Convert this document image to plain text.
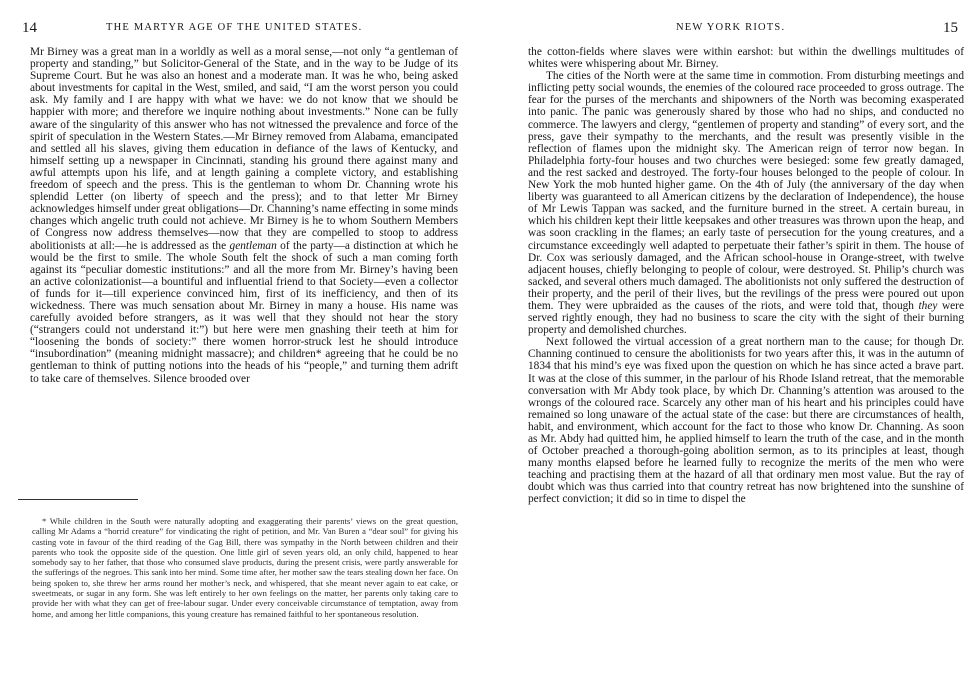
14	THE MARTYR AGE OF THE UNITED STATES.

Mr Birney was a great man in a worldly as well as a moral sense,—not only “a gentleman of property and standing,” but Solicitor-General of the State, and in the way to be Judge of its Supreme Court. But he was also an honest and a moderate man. It was he who, being asked about investments for capital in the West, smiled, and said, “I am the worst person you could ask. My family and I are happy with what we have: we do not know that we should be happier with more; and therefore we inquire nothing about investments.” None can be fully aware of the singularity of this answer who has not witnessed the prevalence and force of the spirit of speculation in the Western States.—Mr Birney removed from Alabama, emancipated and settled all his slaves, giving them education in defiance of the laws of Kentucky, and himself setting up a newspaper in Cincinnati, standing his ground there against many and awful attempts upon his life, and at length gaining a complete victory, and establishing freedom of speech and the press. This is the gentleman to whom Dr. Channing wrote his splendid Letter (on liberty of speech and the press); and to that letter Mr Birney acknowledges himself under great obligations—Dr. Channing’s name effecting in some minds changes which angelic truth could not achieve. Mr Birney is he to whom Southern Members of Congress now address themselves—now that they are compelled to stoop to address abolitionists at all:—he is addressed as the gentleman of the party—a distinction at which he would be the first to smile. The whole South felt the shock of such a man coming forth against its “peculiar domestic institutions:” and all the more from Mr. Birney’s having been an active colonizationist—a bountiful and influential friend to that Society—even a collector of funds for it—till experience convinced him, first of its inefficiency, and then of its wickedness. There was much sensation about Mr. Birney in many a house. His name was carefully avoided before strangers, as it was well that they should not hear the story (“strangers could not understand it:”) but here were men gnashing their teeth at him for “loosening the bonds of society:” there women horror-struck lest he should introduce “insubordination” (meaning midnight massacre); and children* agreeing that he could be no gentleman to think of putting notions into the heads of his “people,” and turning them adrift to take care of themselves. Silence brooded over

* While children in the South were naturally adopting and exaggerating their parents’ views on the great question, calling Mr Adams a “horrid creature” for vindicating the right of petition, and Mr. Van Buren a “dear soul” for giving his casting vote in favour of the third reading of the Gag Bill, there was sympathy in the North between children and their parents who took the opposite side of the question. One little girl of seven years old, an only child, happened to hear somebody say to her father, that those who consumed slave products, during the present crisis, were partly answerable for the sufferings of the negroes. This sank into her mind. Some time after, her mother saw the tears stealing down her face. On being spoken to, she threw her arms round her mother’s neck, and whispered, that she meant never again to eat cake, or sweetmeats, or sugar in any form. She was left entirely to her own feelings on the matter, her parents only taking care to provide her with what they can get of free-labour sugar. Under every conceivable circumstance of temptation, away from home, and among her little companions, this young creature has remained faithful to her spontaneous resolution.

NEW YORK RIOTS.	15

the cotton-fields where slaves were within earshot: but within the dwellings multitudes of whites were whispering about Mr. Birney.

The cities of the North were at the same time in commotion. From disturbing meetings and inflicting petty social wounds, the enemies of the coloured race proceeded to gross outrage. The fear for the purses of the merchants and shipowners of the North was becoming exasperated into panic. The panic was generously shared by those who had no ships, and conducted no commerce. The lawyers and clergy, “gentlemen of property and standing” of every sort, and the press, gave their sympathy to the merchants, and the result was presently visible in the reflection of flames upon the midnight sky. The American reign of terror now began. In Philadelphia forty-four houses and two churches were besieged: some few greatly damaged, and the rest sacked and destroyed. The forty-four houses belonged to the people of colour. In New York the mob hunted higher game. On the 4th of July (the anniversary of the day when liberty was guaranteed to all American citizens by the declaration of Independence), the house of Mr Lewis Tappan was sacked, and the furniture burned in the street. A certain bureau, in which his children kept their little keepsakes and other treasures was thrown upon the heap, and was soon crackling in the flames; an early taste of persecution for the young creatures, and a circumstance exceedingly well adapted to perpetuate their father’s spirit in them. The house of Dr. Cox was seriously damaged, and the African school-house in Orange-street, with twelve adjacent houses, chiefly belonging to people of colour, were destroyed. St. Philip’s church was sacked, and several others much damaged. The abolitionists not only suffered the destruction of their property, and the peril of their lives, but the revilings of the press were poured out upon them. They were upbraided as the causes of the riots, and were told that, though they were served rightly enough, they had no business to scare the city with the sight of their burning property and demolished churches.

Next followed the virtual accession of a great northern man to the cause; for though Dr. Channing continued to censure the abolitionists for two years after this, it was in the autumn of 1834 that his mind’s eye was fixed upon the question on which he has since acted a brave part. It was at the close of this summer, in the parlour of his Rhode Island retreat, that the memorable conversation with Mr Abdy took place, by which Dr. Channing’s attention was aroused to the wrongs of the coloured race. Scarcely any other man of his heart and his principles could have remained so long unaware of the actual state of the case: but there are circumstances of health, habit, and environment, which account for the fact to those who know Dr. Channing. As soon as Mr. Abdy had quitted him, he applied himself to learn the truth of the case, and in the month of October preached a thorough-going abolition sermon, as to its principles at least, though many months elapsed before he learned fully to recognize the merits of the men who were teaching and practising them at the hazard of all that ordinary men most value. But the ray of doubt which was thus carried into that country retreat has now brightened into the sunshine of perfect conviction; it did so in time to dispel the
